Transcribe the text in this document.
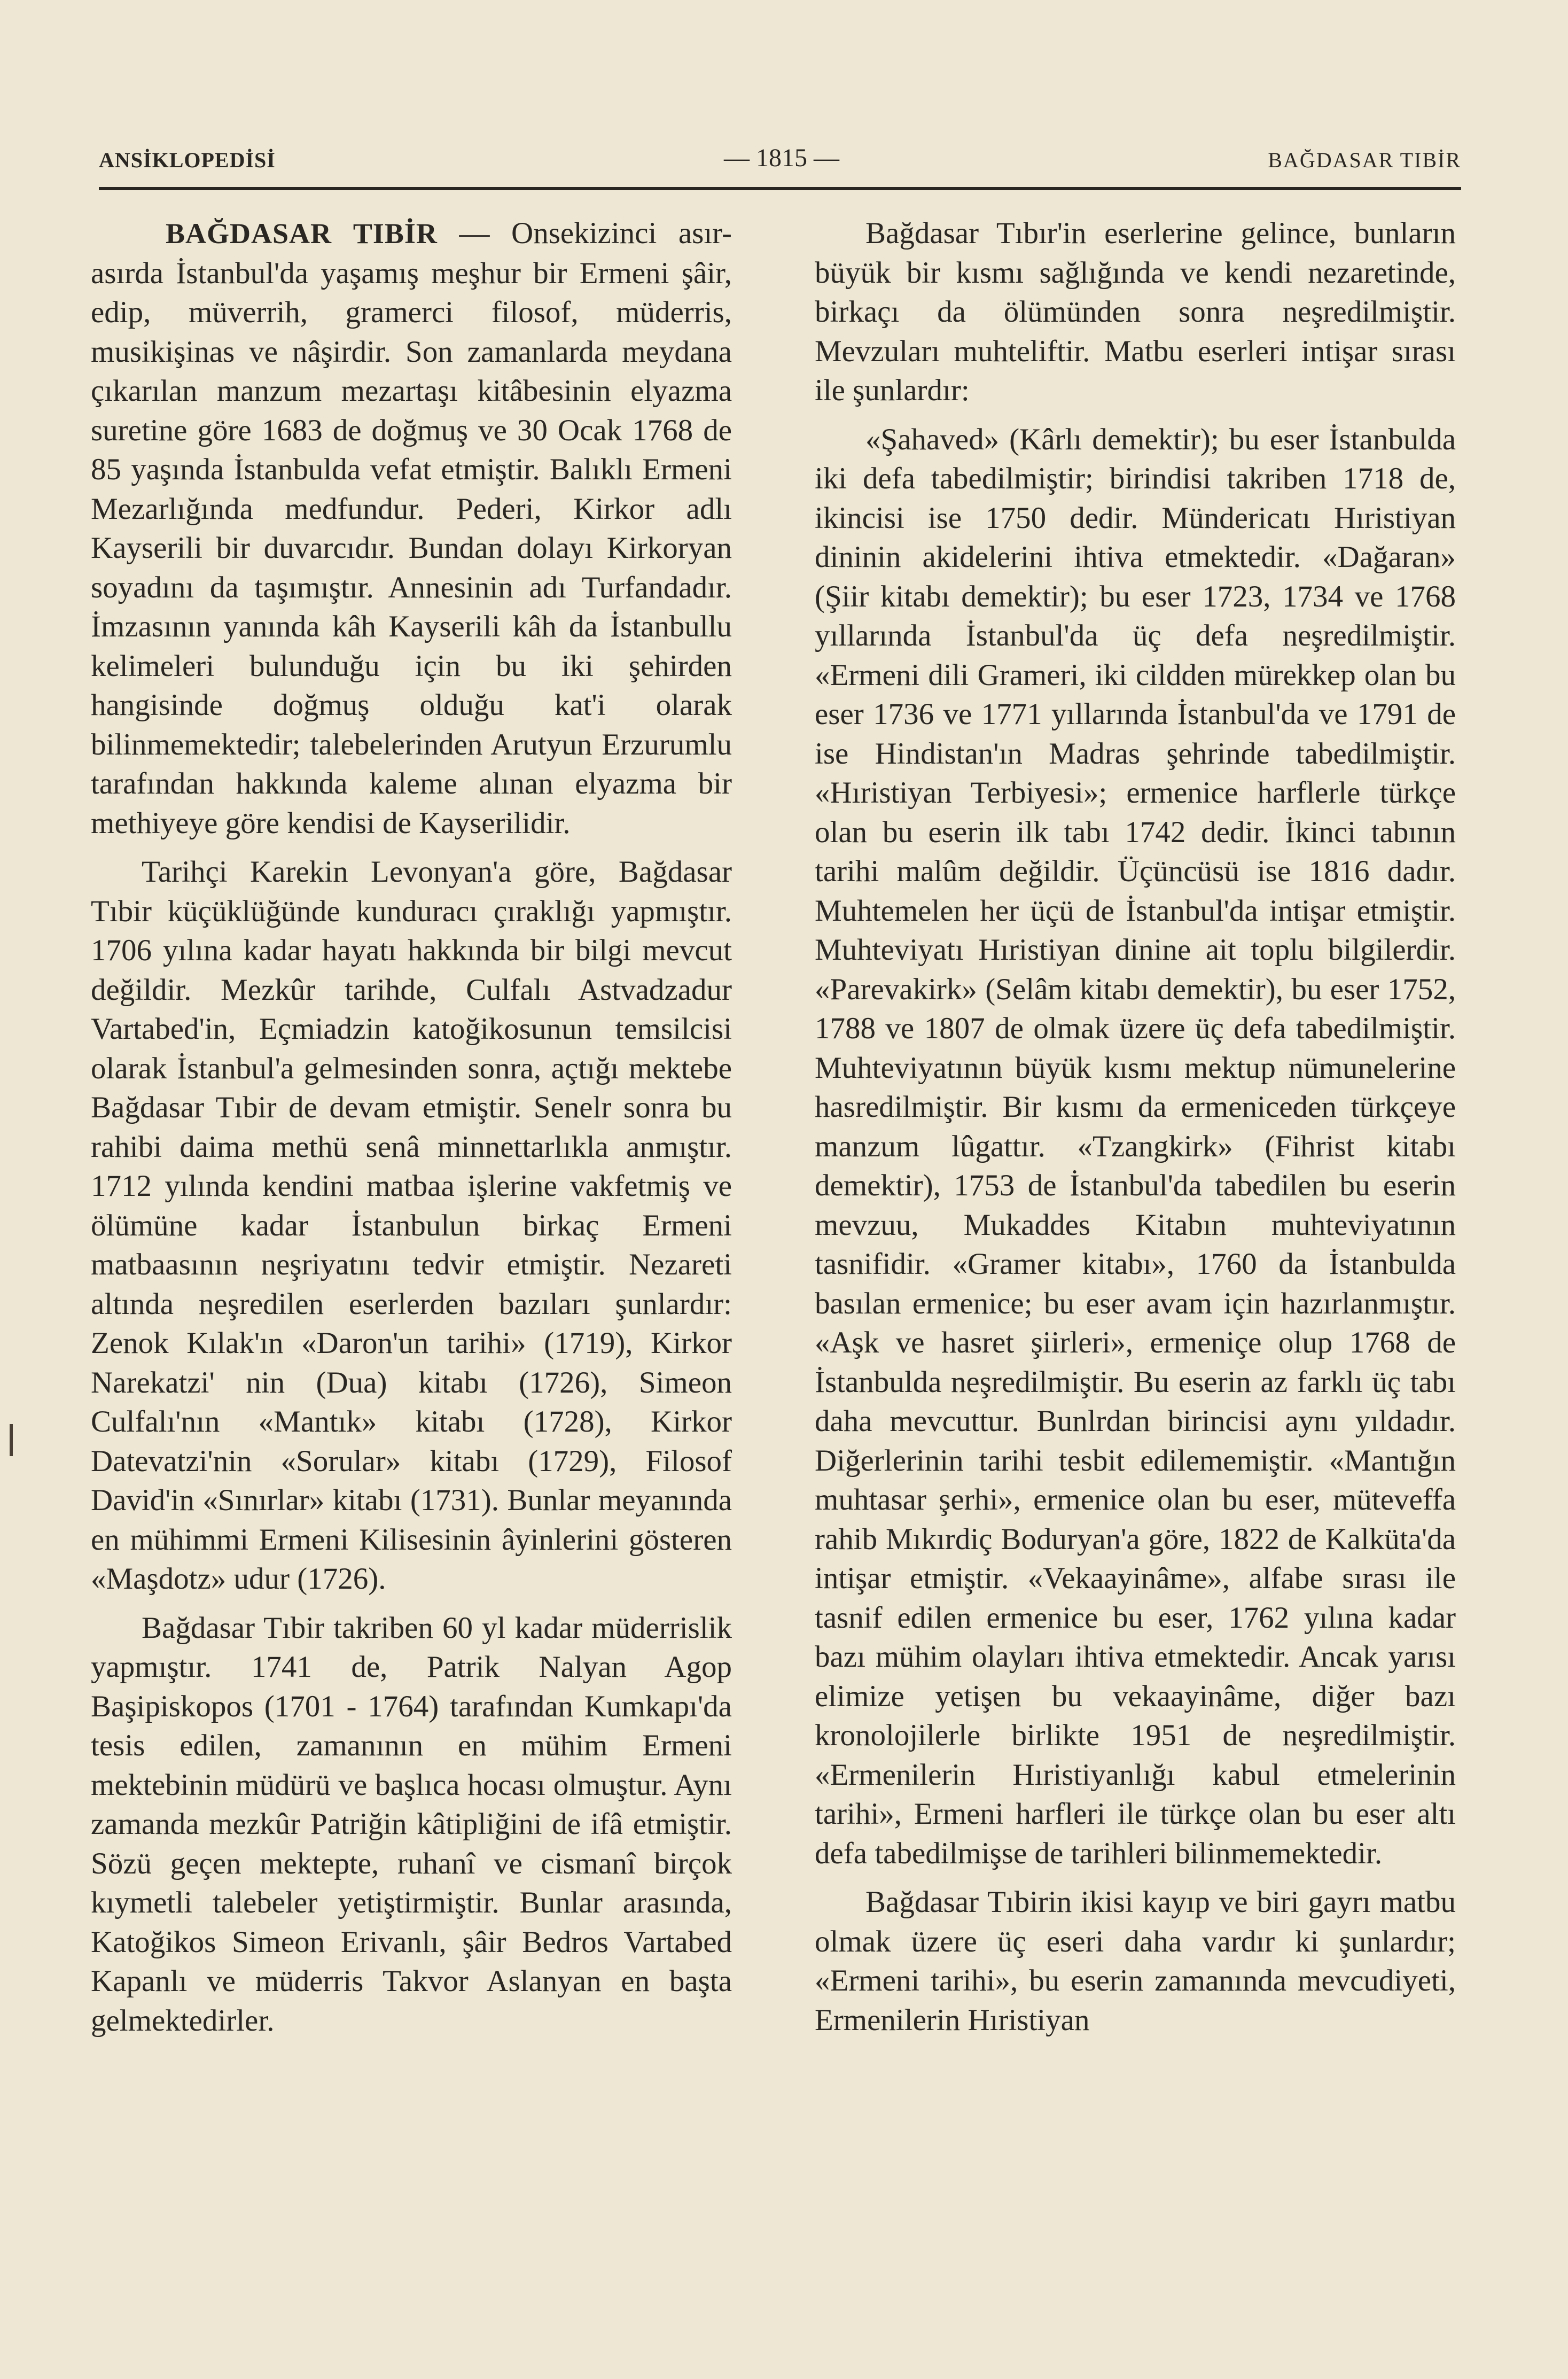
ANSİKLOPEDİSİ	— 1815 —	BAĞDASAR TIBİR

BAĞDASAR TIBİR — Onsekizinci asır-asırda İstanbul'da yaşamış meşhur bir Ermeni şâir, edip, müverrih, gramerci filosof, müderris, musikişinas ve nâşirdir. Son zamanlarda meydana çıkarılan manzum mezartaşı kitâbesinin elyazma suretine göre 1683 de doğmuş ve 30 Ocak 1768 de 85 yaşında İstanbulda vefat etmiştir. Balıklı Ermeni Mezarlığında medfundur. Pederi, Kirkor adlı Kayserili bir duvarcıdır. Bundan dolayı Kirkoryan soyadını da taşımıştır. Annesinin adı Turfandadır. İmzasının yanında kâh Kayserili kâh da İstanbullu kelimeleri bulunduğu için bu iki şehirden hangisinde doğmuş olduğu kat'i olarak bilinmemektedir; talebelerinden Arutyun Erzurumlu tarafından hakkında kaleme alınan elyazma bir methiyeye göre kendisi de Kayserilidir.

Tarihçi Karekin Levonyan'a göre, Bağdasar Tıbir küçüklüğünde kunduracı çıraklığı yapmıştır. 1706 yılına kadar hayatı hakkında bir bilgi mevcut değildir. Mezkûr tarihde, Culfalı Astvadzadur Vartabed'in, Eçmiadzin katoğikosunun temsilcisi olarak İstanbul'a gelmesinden sonra, açtığı mektebe Bağdasar Tıbir de devam etmiştir. Senelr sonra bu rahibi daima methü senâ minnettarlıkla anmıştır. 1712 yılında kendini matbaa işlerine vakfetmiş ve ölümüne kadar İstanbulun birkaç Ermeni matbaasının neşriyatını tedvir etmiştir. Nezareti altında neşredilen eserlerden bazıları şunlardır: Zenok Kılak'ın «Daron'un tarihi» (1719), Kirkor Narekatzi' nin (Dua) kitabı (1726), Simeon Culfalı'nın «Mantık» kitabı (1728), Kirkor Datevatzi'nin «Sorular» kitabı (1729), Filosof David'in «Sınırlar» kitabı (1731). Bunlar meyanında en mühimmi Ermeni Kilisesinin âyinlerini gösteren «Maşdotz» udur (1726).

Bağdasar Tıbir takriben 60 yl kadar müderrislik yapmıştır. 1741 de, Patrik Nalyan Agop Başipiskopos (1701 - 1764) tarafından Kumkapı'da tesis edilen, zamanının en mühim Ermeni mektebinin müdürü ve başlıca hocası olmuştur. Aynı zamanda mezkûr Patriğin kâtipliğini de ifâ etmiştir. Sözü geçen mektepte, ruhanî ve cismanî birçok kıymetli talebeler yetiştirmiştir. Bunlar arasında, Katoğikos Simeon Erivanlı, şâir Bedros Vartabed Kapanlı ve müderris Takvor Aslanyan en başta gelmektedirler.

Bağdasar Tıbır'in eserlerine gelince, bunların büyük bir kısmı sağlığında ve kendi nezaretinde, birkaçı da ölümünden sonra neşredilmiştir. Mevzuları muhteliftir. Matbu eserleri intişar sırası ile şunlardır:

«Şahaved» (Kârlı demektir); bu eser İstanbulda iki defa tabedilmiştir; birindisi takriben 1718 de, ikincisi ise 1750 dedir. Mündericatı Hıristiyan dininin akidelerini ihtiva etmektedir. «Dağaran» (Şiir kitabı demektir); bu eser 1723, 1734 ve 1768 yıllarında İstanbul'da üç defa neşredilmiştir. «Ermeni dili Grameri, iki cildden mürekkep olan bu eser 1736 ve 1771 yıllarında İstanbul'da ve 1791 de ise Hindistan'ın Madras şehrinde tabedilmiştir. «Hıristiyan Terbiyesi»; ermenice harflerle türkçe olan bu eserin ilk tabı 1742 dedir. İkinci tabının tarihi malûm değildir. Üçüncüsü ise 1816 dadır. Muhtemelen her üçü de İstanbul'da intişar etmiştir. Muhteviyatı Hıristiyan dinine ait toplu bilgilerdir. «Parevakirk» (Selâm kitabı demektir), bu eser 1752, 1788 ve 1807 de olmak üzere üç defa tabedilmiştir. Muhteviyatının büyük kısmı mektup nümunelerine hasredilmiştir. Bir kısmı da ermeniceden türkçeye manzum lûgattır. «Tzangkirk» (Fihrist kitabı demektir), 1753 de İstanbul'da tabedilen bu eserin mevzuu, Mukaddes Kitabın muhteviyatının tasnifidir. «Gramer kitabı», 1760 da İstanbulda basılan ermenice; bu eser avam için hazırlanmıştır. «Aşk ve hasret şiirleri», ermeniçe olup 1768 de İstanbulda neşredilmiştir. Bu eserin az farklı üç tabı daha mevcuttur. Bunlrdan birincisi aynı yıldadır. Diğerlerinin tarihi tesbit edilememiştir. «Mantığın muhtasar şerhi», ermenice olan bu eser, müteveffa rahib Mıkırdiç Boduryan'a göre, 1822 de Kalküta'da intişar etmiştir. «Vekaayinâme», alfabe sırası ile tasnif edilen ermenice bu eser, 1762 yılına kadar bazı mühim olayları ihtiva etmektedir. Ancak yarısı elimize yetişen bu vekaayinâme, diğer bazı kronolojilerle birlikte 1951 de neşredilmiştir. «Ermenilerin Hıristiyanlığı kabul etmelerinin tarihi», Ermeni harfleri ile türkçe olan bu eser altı defa tabedilmişse de tarihleri bilinmemektedir.

Bağdasar Tıbirin ikisi kayıp ve biri gayrı matbu olmak üzere üç eseri daha vardır ki şunlardır; «Ermeni tarihi», bu eserin zamanında mevcudiyeti, Ermenilerin Hıristiyan
